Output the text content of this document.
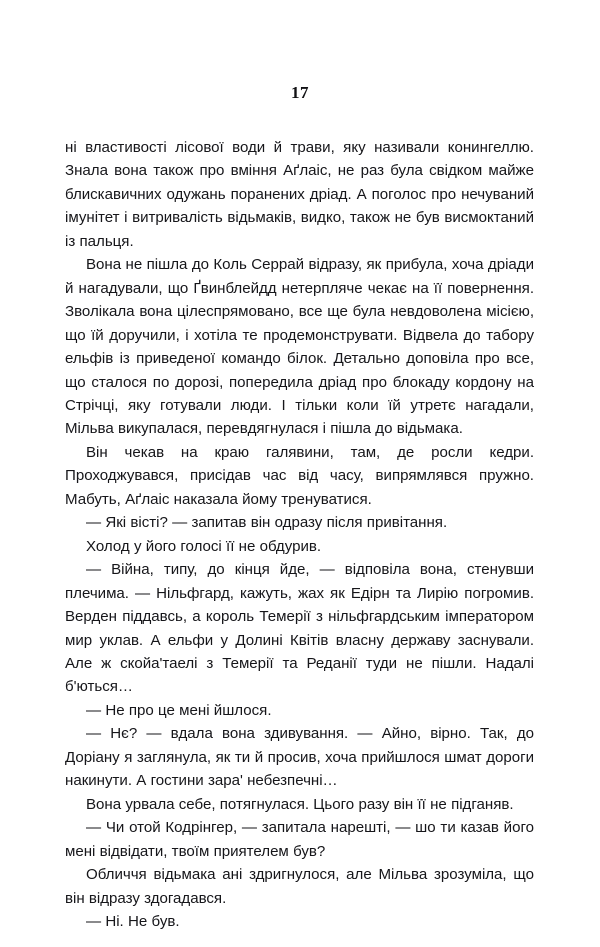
17

ні властивості лісової води й трави, яку називали конингеллю. Знала вона також про вміння Аґлаіс, не раз була свідком майже блискавичних одужань поранених дріад. А поголос про нечуваний імунітет і витривалість відьмаків, видко, також не був висмоктаний із пальця.

Вона не пішла до Коль Серрай відразу, як прибула, хоча дріади й нагадували, що Ґвинблейдд нетерпляче чекає на її повернення. Зволікала вона цілеспрямовано, все ще була невдоволена місією, що їй доручили, і хотіла те продемонструвати. Відвела до табору ельфів із приведеної командо білок. Детально доповіла про все, що сталося по дорозі, попередила дріад про блокаду кордону на Стрічці, яку готували люди. І тільки коли їй утретє нагадали, Мільва викупалася, перевдягнулася і пішла до відьмака.

Він чекав на краю галявини, там, де росли кедри. Проходжувався, присідав час від часу, випрямлявся пружно. Мабуть, Аґлаіс наказала йому тренуватися.

— Які вісті? — запитав він одразу після привітання.

Холод у його голосі її не обдурив.

— Війна, типу, до кінця йде, — відповіла вона, стенувши плечима. — Нільфгард, кажуть, жах як Едірн та Лирію погромив. Верден піддавсь, а король Темерії з нільфгардським імператором мир уклав. А ельфи у Долині Квітів власну державу заснували. Але ж скойа'таелі з Темерії та Реданії туди не пішли. Надалі б'ються…

— Не про це мені йшлося.

— Нє? — вдала вона здивування. — Айно, вірно. Так, до Доріану я заглянула, як ти й просив, хоча прийшлося шмат дороги накинути. А гостини зара' небезпечні…

Вона урвала себе, потягнулася. Цього разу він її не підганяв.

— Чи отой Кодрінгер, — запитала нарешті, — шо ти казав його мені відвідати, твоїм приятелем був?

Обличчя відьмака ані здригнулося, але Мільва зрозуміла, що він відразу здогадався.

— Ні. Не був.
